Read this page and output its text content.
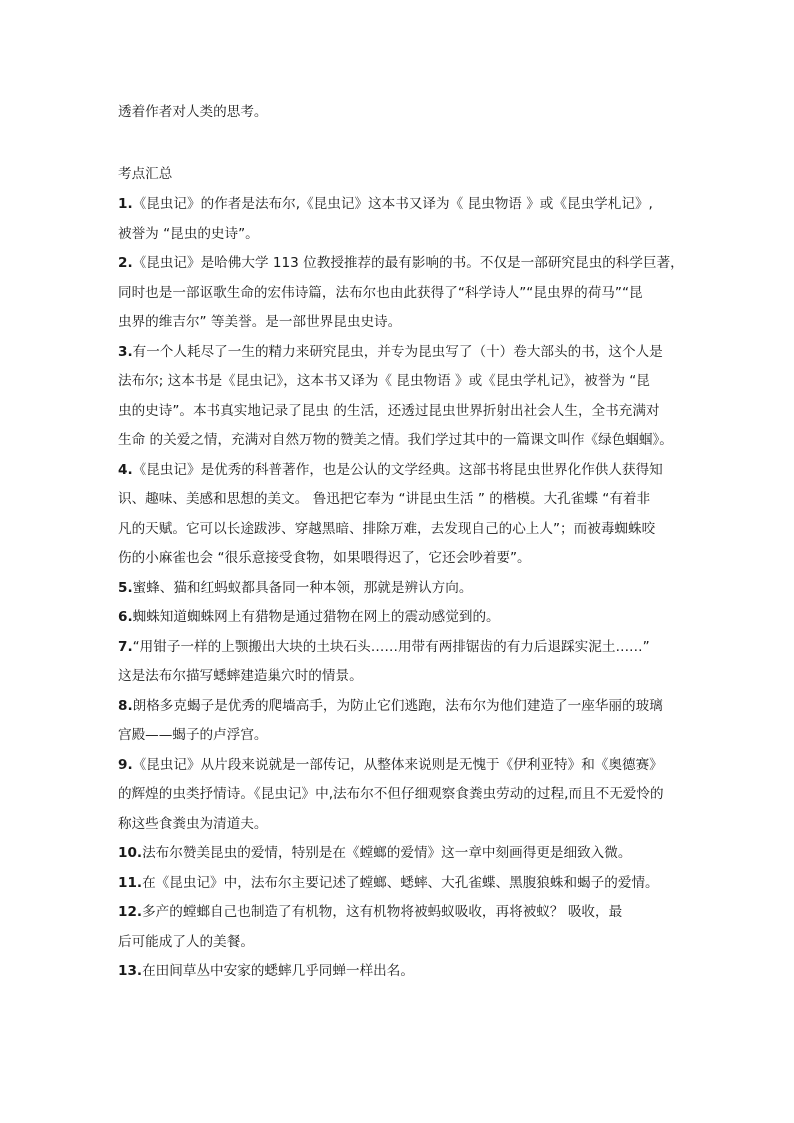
透着作者对人类的思考。
考点汇总
1.《昆虫记》的作者是法布尔,《昆虫记》这本书又译为《 昆虫物语 》或《昆虫学札记》,
被誉为 “昆虫的史诗”。
2.《昆虫记》是哈佛大学 113 位教授推荐的最有影响的书。不仅是一部研究昆虫的科学巨著，
同时也是一部讴歌生命的宏伟诗篇，法布尔也由此获得了“科学诗人”“昆虫界的荷马”“昆
虫界的维吉尔” 等美誉。是一部世界昆虫史诗。
3.有一个人耗尽了一生的精力来研究昆虫，并专为昆虫写了（十）卷大部头的书，这个人是
法布尔; 这本书是《昆虫记》，这本书又译为《 昆虫物语 》或《昆虫学札记》，被誉为 “昆
虫的史诗”。本书真实地记录了昆虫 的生活，还透过昆虫世界折射出社会人生，全书充满对
生命 的关爱之情，充满对自然万物的赞美之情。我们学过其中的一篇课文叫作《绿色蝈蝈》。
4.《昆虫记》是优秀的科普著作，也是公认的文学经典。这部书将昆虫世界化作供人获得知
识、趣味、美感和思想的美文。 鲁迅把它奉为 “讲昆虫生活 ” 的楷模。大孔雀蝶 “有着非
凡的天赋。它可以长途跋涉、穿越黑暗、排除万难，去发现自己的心上人”；而被毒蜘蛛咬
伤的小麻雀也会 “很乐意接受食物，如果喂得迟了，它还会吵着要”。
5.蜜蜂、猫和红蚂蚁都具备同一种本领，那就是辨认方向。
6.蜘蛛知道蜘蛛网上有猎物是通过猎物在网上的震动感觉到的。
7.“用钳子一样的上颚搬出大块的土块石头……用带有两排锯齿的有力后退踩实泥土……”
这是法布尔描写蟋蟀建造巢穴时的情景。
8.朗格多克蝎子是优秀的爬墙高手，为防止它们逃跑，法布尔为他们建造了一座华丽的玻璃
宫殿——蝎子的卢浮宫。
9.《昆虫记》从片段来说就是一部传记，从整体来说则是无愧于《伊利亚特》和《奥德赛》
的辉煌的虫类抒情诗。《昆虫记》中,法布尔不但仔细观察食粪虫劳动的过程,而且不无爱怜的
称这些食粪虫为清道夫。
10.法布尔赞美昆虫的爱情，特别是在《螳螂的爱情》这一章中刻画得更是细致入微。
11.在《昆虫记》中，法布尔主要记述了螳螂、蟋蟀、大孔雀蝶、黑腹狼蛛和蝎子的爱情。
12.多产的螳螂自己也制造了有机物，这有机物将被蚂蚁吸收，再将被蚁？ 吸收，最
后可能成了人的美餐。
13.在田间草丛中安家的蟋蟀几乎同蝉一样出名。
